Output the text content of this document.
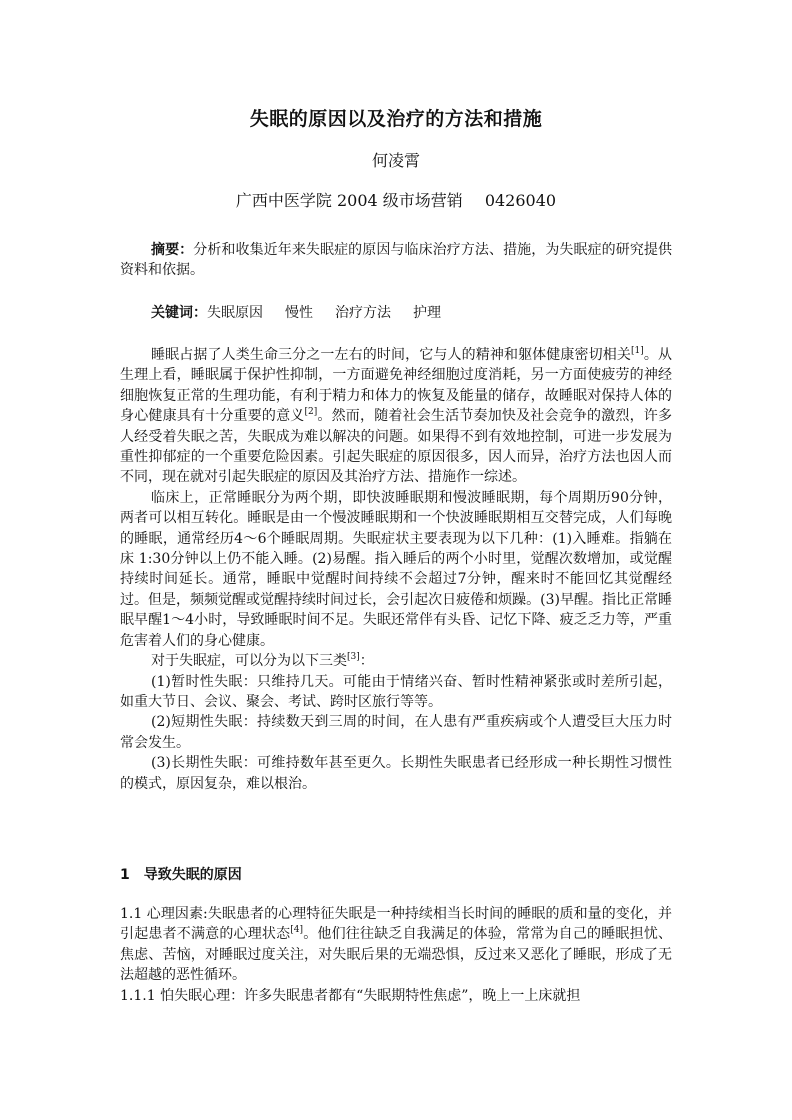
失眠的原因以及治疗的方法和措施
何凌霄
广西中医学院 2004 级市场营销 0426040
摘要：分析和收集近年来失眠症的原因与临床治疗方法、措施，为失眠症的研究提供资料和依据。
关键词：失眠原因 慢性 治疗方法 护理

睡眠占据了人类生命三分之一左右的时间，它与人的精神和躯体健康密切相关[1]。从生理上看，睡眠属于保护性抑制，一方面避免神经细胞过度消耗，另一方面使疲劳的神经细胞恢复正常的生理功能，有利于精力和体力的恢复及能量的储存，故睡眠对保持人体的身心健康具有十分重要的意义[2]。然而，随着社会生活节奏加快及社会竞争的激烈，许多人经受着失眠之苦，失眠成为难以解决的问题。如果得不到有效地控制，可进一步发展为重性抑郁症的一个重要危险因素。引起失眠症的原因很多，因人而异，治疗方法也因人而不同，现在就对引起失眠症的原因及其治疗方法、措施作一综述。

临床上，正常睡眠分为两个期，即快波睡眠期和慢波睡眠期，每个周期历90分钟，两者可以相互转化。睡眠是由一个慢波睡眠期和一个快波睡眠期相互交替完成，人们每晚的睡眠，通常经历4～6个睡眠周期。失眠症状主要表现为以下几种：(1)入睡难。指躺在床 1:30分钟以上仍不能入睡。(2)易醒。指入睡后的两个小时里，觉醒次数增加，或觉醒持续时间延长。通常，睡眠中觉醒时间持续不会超过7分钟，醒来时不能回忆其觉醒经过。但是，频频觉醒或觉醒持续时间过长，会引起次日疲倦和烦躁。(3)早醒。指比正常睡眠早醒1～4小时，导致睡眠时间不足。失眠还常伴有头昏、记忆下降、疲乏乏力等，严重危害着人们的身心健康。

对于失眠症，可以分为以下三类[3]：

(1)暂时性失眠：只维持几天。可能由于情绪兴奋、暂时性精神紧张或时差所引起，如重大节日、会议、聚会、考试、跨时区旅行等等。

(2)短期性失眠：持续数天到三周的时间，在人患有严重疾病或个人遭受巨大压力时常会发生。

(3)长期性失眠：可维持数年甚至更久。长期性失眠患者已经形成一种长期性习惯性的模式，原因复杂，难以根治。

1 导致失眠的原因

1.1 心理因素:失眠患者的心理特征失眠是一种持续相当长时间的睡眠的质和量的变化，并引起患者不满意的心理状态[4]。他们往往缺乏自我满足的体验，常常为自己的睡眠担忧、焦虑、苦恼，对睡眠过度关注，对失眠后果的无端恐惧，反过来又恶化了睡眠，形成了无法超越的恶性循环。

1.1.1 怕失眠心理：许多失眠患者都有“失眠期特性焦虑”，晚上一上床就担
